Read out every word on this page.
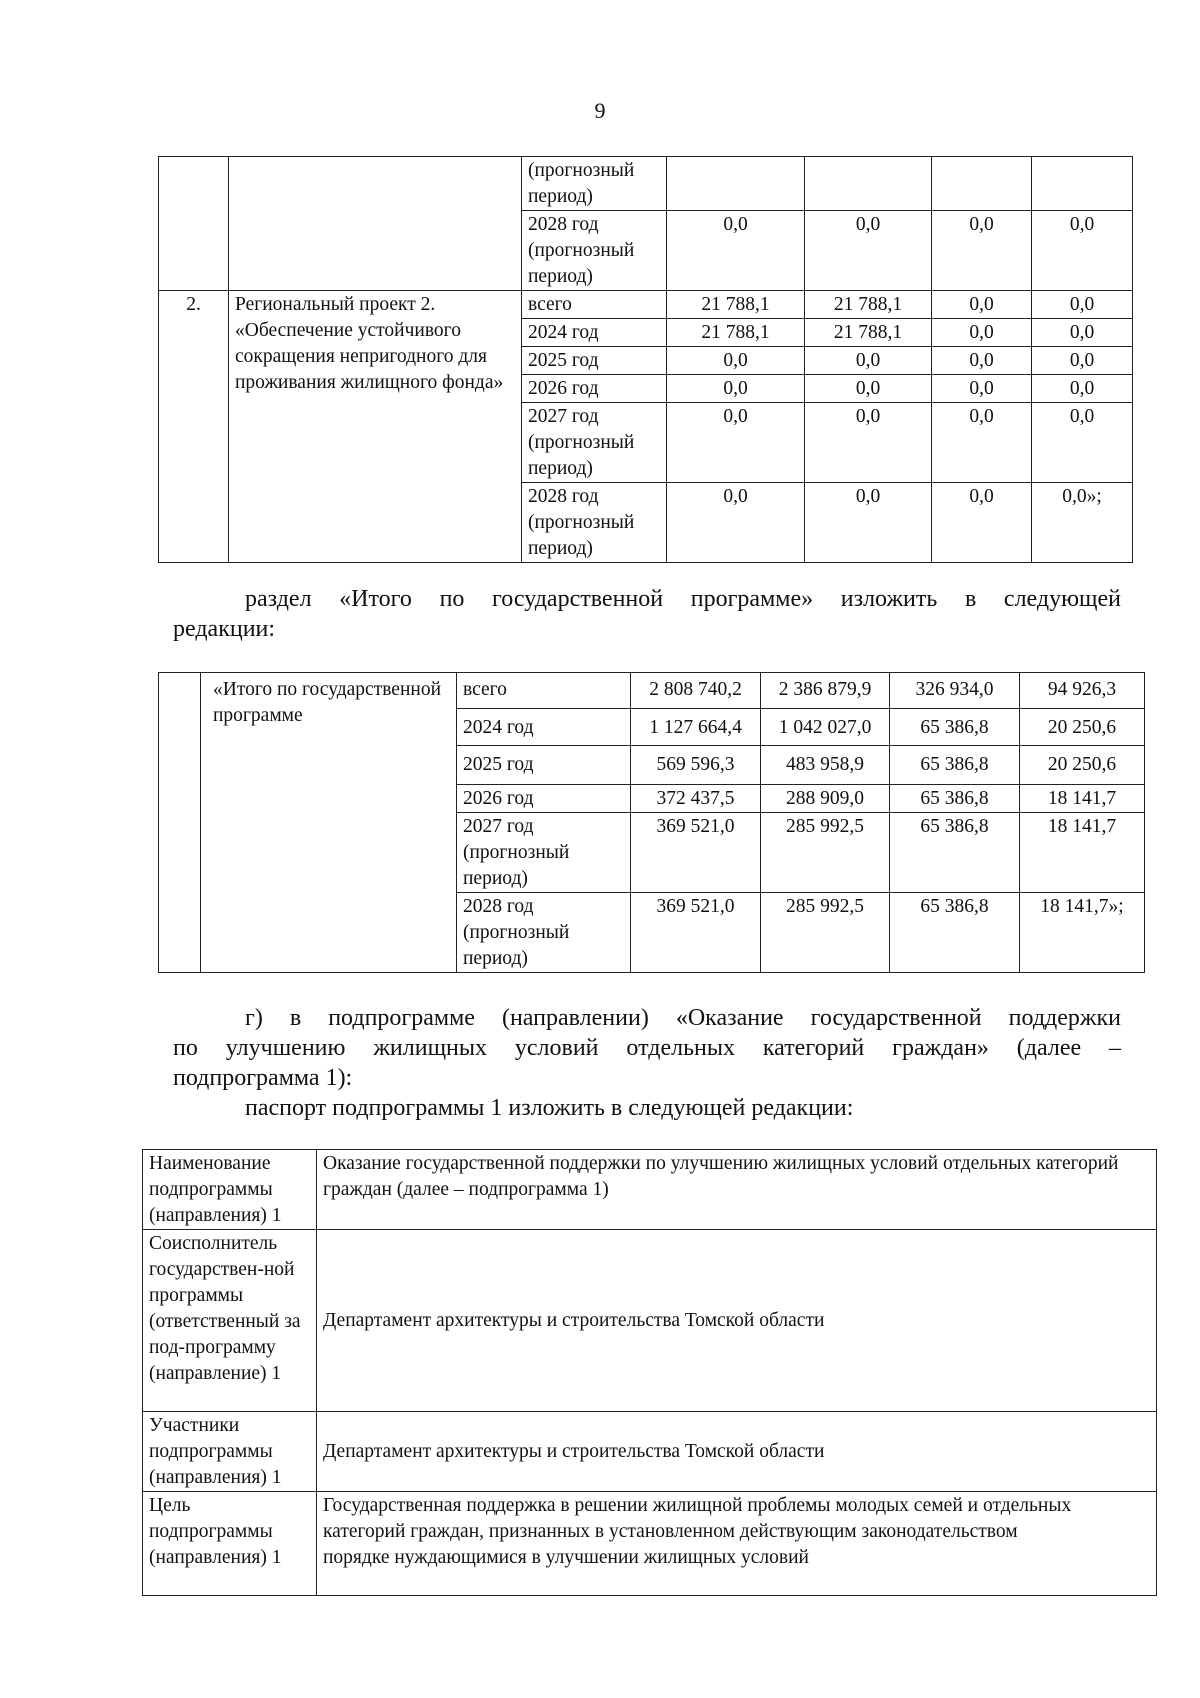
9
		(прогнозный период)				
		2028 год (прогнозный период)	0,0	0,0	0,0	0,0
2.	Региональный проект 2. «Обеспечение устойчивого сокращения непригодного для проживания жилищного фонда»	всего	21 788,1	21 788,1	0,0	0,0
		2024 год	21 788,1	21 788,1	0,0	0,0
		2025 год	0,0	0,0	0,0	0,0
		2026 год	0,0	0,0	0,0	0,0
		2027 год (прогнозный период)	0,0	0,0	0,0	0,0
		2028 год (прогнозный период)	0,0	0,0	0,0	0,0»;
раздел «Итого по государственной программе» изложить в следующей
редакции:
	«Итого по государственной программе	всего	2 808 740,2	2 386 879,9	326 934,0	94 926,3
		2024 год	1 127 664,4	1 042 027,0	65 386,8	20 250,6
		2025 год	569 596,3	483 958,9	65 386,8	20 250,6
		2026 год	372 437,5	288 909,0	65 386,8	18 141,7
		2027 год (прогнозный период)	369 521,0	285 992,5	65 386,8	18 141,7
		2028 год (прогнозный период)	369 521,0	285 992,5	65 386,8	18 141,7»;
г) в подпрограмме (направлении) «Оказание государственной поддержки
по улучшению жилищных условий отдельных категорий граждан» (далее –
подпрограмма 1):
паспорт подпрограммы 1 изложить в следующей редакции:
Наименование подпрограммы (направления) 1	Оказание государственной поддержки по улучшению жилищных условий отдельных категорий граждан (далее – подпрограмма 1)
Соисполнитель государствен-ной программы (ответственный за под-программу (направление) 1	Департамент архитектуры и строительства Томской области
Участники подпрограммы (направления) 1	Департамент архитектуры и строительства Томской области
Цель подпрограммы (направления) 1	Государственная поддержка в решении жилищной проблемы молодых семей и отдельных категорий граждан, признанных в установленном действующим законодательством порядке нуждающимися в улучшении жилищных условий
